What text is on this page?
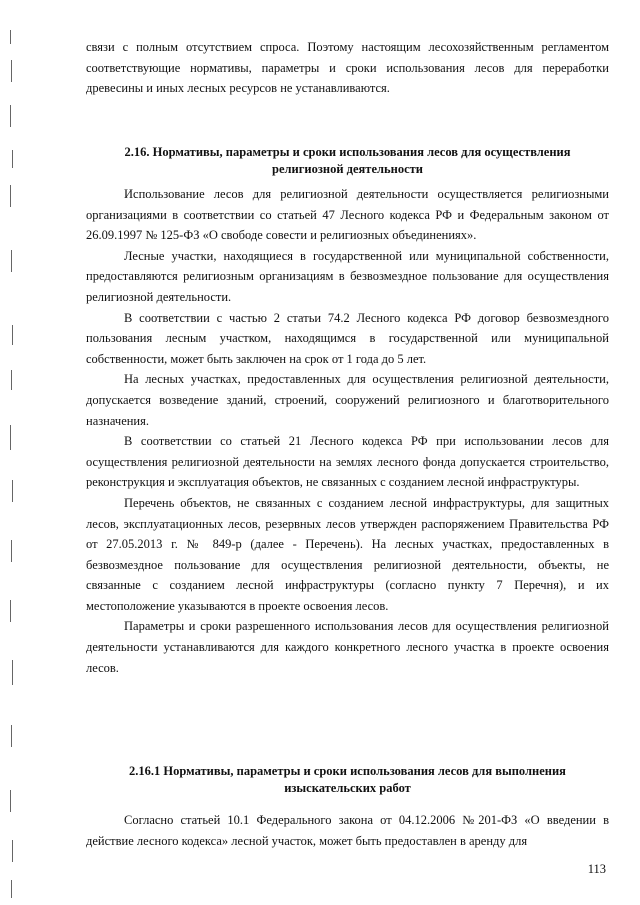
связи с полным отсутствием спроса. Поэтому настоящим лесохозяйственным регламентом соответствующие нормативы, параметры и сроки использования лесов для переработки древесины и иных лесных ресурсов не устанавливаются.

2.16. Нормативы, параметры и сроки использования лесов для осуществления
религиозной деятельности

Использование лесов для религиозной деятельности осуществляется религиозными организациями в соответствии со статьей 47 Лесного кодекса РФ и Федеральным законом от 26.09.1997 № 125-ФЗ «О свободе совести и религиозных объединениях».

Лесные участки, находящиеся в государственной или муниципальной собственности, предоставляются религиозным организациям в безвозмездное пользование для осуществления религиозной деятельности.

В соответствии с частью 2 статьи 74.2 Лесного кодекса РФ договор безвозмездного пользования лесным участком, находящимся в государственной или муниципальной собственности, может быть заключен на срок от 1 года до 5 лет.

На лесных участках, предоставленных для осуществления религиозной деятельности, допускается возведение зданий, строений, сооружений религиозного и благотворительного назначения.

В соответствии со статьей 21 Лесного кодекса РФ при использовании лесов для осуществления религиозной деятельности на землях лесного фонда допускается строительство, реконструкция и эксплуатация объектов, не связанных с созданием лесной инфраструктуры.

Перечень объектов, не связанных с созданием лесной инфраструктуры, для защитных лесов, эксплуатационных лесов, резервных лесов утвержден распоряжением Правительства РФ от 27.05.2013 г. № 849-р (далее - Перечень). На лесных участках, предоставленных в безвозмездное пользование для осуществления религиозной деятельности, объекты, не связанные с созданием лесной инфраструктуры (согласно пункту 7 Перечня), и их местоположение указываются в проекте освоения лесов.

Параметры и сроки разрешенного использования лесов для осуществления религиозной деятельности устанавливаются для каждого конкретного лесного участка в проекте освоения лесов.

2.16.1 Нормативы, параметры и сроки использования лесов для выполнения
изыскательских работ

Согласно статьей 10.1 Федерального закона от 04.12.2006 №201-ФЗ «О введении в действие лесного кодекса» лесной участок, может быть предоставлен в аренду для

113
